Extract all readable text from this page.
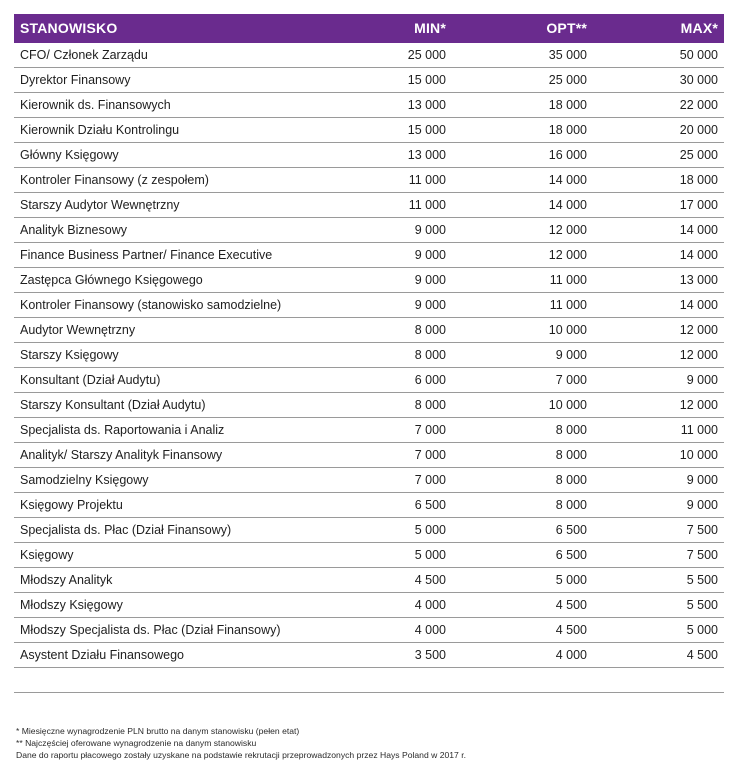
STANOWISKO	MIN*	OPT**	MAX*
CFO/ Członek Zarządu	25 000	35 000	50 000
Dyrektor Finansowy	15 000	25 000	30 000
Kierownik ds. Finansowych	13 000	18 000	22 000
Kierownik Działu Kontrolingu	15 000	18 000	20 000
Główny Księgowy	13 000	16 000	25 000
Kontroler Finansowy (z zespołem)	11 000	14 000	18 000
Starszy Audytor Wewnętrzny	11 000	14 000	17 000
Analityk Biznesowy	9 000	12 000	14 000
Finance Business Partner/ Finance Executive	9 000	12 000	14 000
Zastępca Głównego Księgowego	9 000	11 000	13 000
Kontroler Finansowy (stanowisko samodzielne)	9 000	11 000	14 000
Audytor Wewnętrzny	8 000	10 000	12 000
Starszy Księgowy	8 000	9 000	12 000
Konsultant (Dział Audytu)	6 000	7 000	9 000
Starszy Konsultant (Dział Audytu)	8 000	10 000	12 000
Specjalista ds. Raportowania i Analiz	7 000	8 000	11 000
Analityk/ Starszy Analityk Finansowy	7 000	8 000	10 000
Samodzielny Księgowy	7 000	8 000	9 000
Księgowy Projektu	6 500	8 000	9 000
Specjalista ds. Płac (Dział Finansowy)	5 000	6 500	7 500
Księgowy	5 000	6 500	7 500
Młodszy Analityk	4 500	5 000	5 500
Młodszy Księgowy	4 000	4 500	5 500
Młodszy Specjalista ds. Płac (Dział Finansowy)	4 000	4 500	5 000
Asystent Działu Finansowego	3 500	4 000	4 500

* Miesięczne wynagrodzenie PLN brutto na danym stanowisku (pełen etat)
** Najczęściej oferowane wynagrodzenie na danym stanowisku
Dane do raportu płacowego zostały uzyskane na podstawie rekrutacji przeprowadzonych przez Hays Poland w 2017 r.
